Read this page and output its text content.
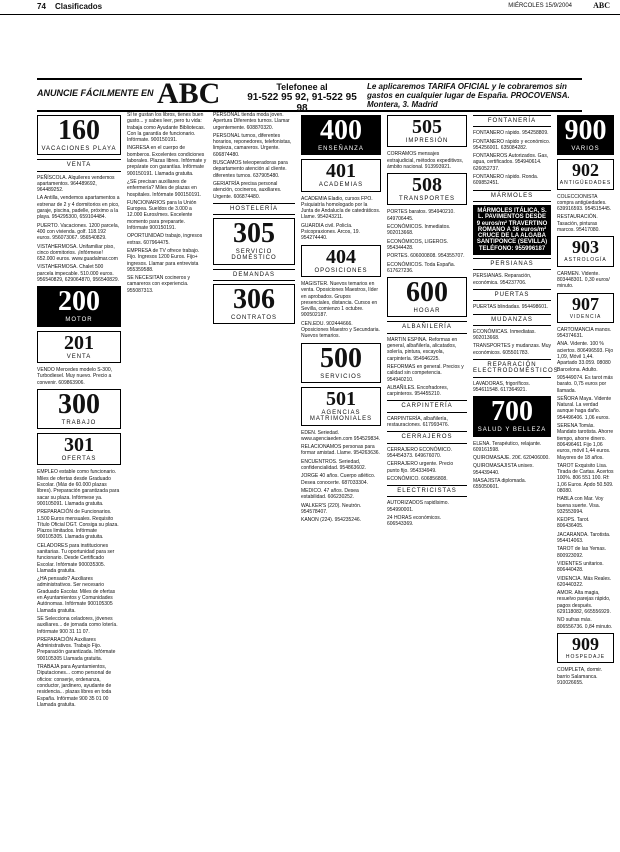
74 Clasificados	MIÉRCOLES 15/9/2004	ABC
ANUNCIE FÁCILMENTE EN ABC	Telefonee al
91-522 95 92, 91-522 95 98
Le aplicaremos TARIFA OFICIAL y le cobraremos sin gastos en cualquier lugar de España. PROCOVENSA. Montera, 3. Madrid
160
VACACIONES PLAYA
VENTA

PEÑÍSCOLA. Alquileres vendemos apartamentos. 964489692, 964489252.

LA Antilla, vendemos apartamentos a estrenar de 2 y 4 dormitorios en pico, garaje, piscina, padelle, próximo a la playa. 954295300, 659104484.

PUERTO. Vacaciones. 1200 parcela, 400 con vivienda. golf. 118.192 euros. 956073067. 956540829.

VISTAHERMOSA. Unifamiliar piso, cinco dormitorios. ¡Infórmese! 652.000 euros. www.guadalmar.com

VISTAHERMOSA. Chalet 500 parcela impecable. 510.000 euros. 956540829, 629064870, 956540829.

200
MOTOR
201
VENTA

VENDO Mercedes modelo S-300, Turbodiesel. Muy nuevo. Precio a convenir. 609863906.

300
TRABAJO
301
OFERTAS

EMPLEO estable como funcionario. Miles de ofertas desde Graduado Escolar. (Más de 60.000 plazas libres). Preparación garantizada para sacar su plaza. Infórmese ya. 900105091. Llamada gratuita.

PREPARACIÓN de Funcionarios. 1.500 Euros mensuales. Requisito Título Oficial DGT. Consiga su plaza. Plazos limitados. Infórmate 900105305. Llamada gratuita.

CELADORES para instituciones sanitarias. Tu oportunidad para ser funcionario. Desde Certificado Escolar. Infórmate 900035305. Llamada gratuita.

¿HA pensado? Auxiliares administrativos. Ser necesario Graduado Escolar. Miles de ofertas en Ayuntamientos y Comunidades Autónomas. Infórmate 900105305 Llamada gratuita.

SE Selecciona celadores, jóvenes auxiliares... de jornada como lotería. Infórmate 900 31 11 07.

PREPARACIÓN Auxiliares Administrativos. Trabajo Fijo. Preparación garantizada. Infórmate 900105305 Llamada gratuita.

TRABAJA para Ayuntamientos, Diputaciones... como personal de oficios: conserje, ordenanza, conductor, jardinero, ayudante de residencia... plazas libres en toda España. Infórmate 900 35 01 00 Llamada gratuita.

SI te gustan los libros, tienes buen gusto... y sabes leer, pero tu vida: trabaja como Ayudante Bibliotecas. Con la garantía de funcionario. Infórmate. 900150191.

INGRESA en el cuerpo de bomberos. Excelentes condiciones laborales. Plazas libres. Infórmate y prepárate con garantías. Infórmate 900150191. Llamada gratuita.

¿SE precisan auxiliares de enfermería? Miles de plazas en hospitales. Infórmate 900150191.

FUNCIONARIOS para la Unión Europea. Sueldos de 3.000 a 12.000 Euros/mes. Excelente momento para prepararte. Infórmate 900150191.

OPORTUNIDAD trabajo, ingresos extras. 607964475.

EMPRESA de TV ofrece trabajo. Fijo. Ingresos 1200 Euros. Fijo+ ingresos. Llamar para entrevista 955359588.

SE NECESITAN cocineros y camareros con experiencia. 955087313.

PERSONAL tienda moda joven. Apertura Diferentes turnos. Llamar urgentemente. 608870320.

PERSONAL turnos, diferentes horarios, reponedores, telefonistas, limpieza, camareros. Urgente. 606874480.

BUSCAMOS teleoperadoras para departamento atención al cliente. diferentes turnos. 637905480.

GERIATRÍA precisa personal atención, cocineros, auxiliares. Urgente. 606874480.

HOSTELERÍA
305
SERVICIO DOMÉSTICO
DEMANDAS
306
CONTRATOS
400
ENSEÑANZA
401
ACADEMIAS

ACADEMIA Eladio, cursos FPO. Psiquiatría homologado por la Junta de Andalucía de catedráticos. Llame. 954243211.

GUARDIA civil. Policía. Psicopraxiones. Arcos, 19. 954274440.

404
OPOSICIONES

MAGISTER. Nuevos temarios en venta. Oposiciones Maestros, líder en aprobados. Grupos presenciales, distancia. Cursos en Sevilla, comienzo 1 octubre. 900502187.

CEN.EDU. 902444666. Oposiciones Maestro y Secundaria. Nuevos temarios.

500
SERVICIOS
501
AGENCIAS MATRIMONIALES

EDEN. Seriedad. www.agenciaeden.com 954529834.

RELACIONAMOS personas para formar amistad. Llame. 954263636.

ENCUENTROS. Seriedad, confidencialidad. 954863602.

JORGE 40 años. Cuerpo atlético. Desea conocerte. 687033304.

MEDICO. 47 años. Desea estabilidad. 606230252.

WALKER'S (220). Neutrón. 954578407.

KANON (224). 954235246.

505
IMPRESIÓN

CORRAMOS mensajes extrajudicial, métodos expeditivos, ámbito nacional. 913993921.

508
TRANSPORTES

PORTES baratos. 954940210. 649706445.

ECONÓMICOS. Inmediatos. 902013668.

ECONÓMICOS, LIGEROS. 954344428.

PORTES. 606000808. 954355707.

ECONÓMICOS. Toda España. 617627236.

600
HOGAR
ALBAÑILERÍA

MARTIN ESPINA. Reformas en general, albañilería, alicatados, solería, pintura, escayola, carpintería. 954946225.

REFORMAS en general. Precios y calidad sin competencia. 954940210.

ALBAÑILES. Encofradores, carpinteros. 954455210.

CARPINTERÍA

CARPINTERÍA, albañilería, restauraciones. 617993476.

CERRAJEROS

CERRAJERO ECONÓMICO. 954454373. 649676070.

CERRAJERO urgente. Precio punto fijo. 954334949.

ECONÓMICO. 606856808.

ELECTRICISTAS

AUTORIZADOS rapidísimo. 954990001.

24 HORAS económicos. 606543369.

FONTANERÍA

FONTANERO rápido. 954258809.

FONTANERO rápido y económico. 954256001. 635084282.

FONTANEROS Autorizados. Gas, agua, certificados. 954940614. 626052737.

FONTANERO rápido. Ronda. 609852451.

MÁRMOLES
MÁRMOLES ITÁLICA, S. L. PAVIMENTOS DESDE 9 euros/m² TRAVERTINO ROMANO A 36 euros/m² CRUCE DE LA ALGABA SANTIPONCE (SEVILLA) TELÉFONO: 955996187
PERSIANAS

PERSIANAS. Reparación, económica. 954237706.

PUERTAS

PUERTAS blindadas. 954498601.

MUDANZAS

ECONÓMICAS. Inmediatas. 902013668.

TRANSPORTES y mudanzas. Muy económicos. 605501783.

REPARACIÓN ELECTRODOMÉSTICOS

LAVADORAS, frigoríficos. 954611548. 617364921.

700
SALUD Y BELLEZA

ELENA. Terapéutico, relajante. 609161598.

QUIROMASAJE. 20€. 620406000.

QUIROMASAJISTA unisex. 954439440.

MASAJISTA diplomada. 655050601.

900
VARIOS
902
ANTIGÜEDADES

COLECCIONISTA compra antigüedades. 639916593. 954515445.

RESTAURACIÓN. Tasación, pinturas marcos. 95417080.

903
ASTROLOGÍA

CARMEN. Vidente. 803448301. 0,30 euros/ minuto.

907
VIDENCIA

CARTOMANCIA manos. 954374631.

ANA. Vidente. 100 % aciertos. 806496593. Fijo 1,09, Móvil 1,44. Apartado 33.059. 08080 Barcelona. Adulto.

905449074. Es tarot más barato. 0,75 euros por llamada.

SEÑORA Maya. Vidente Natural. La verdad aunque haga daño. 954496406. 1,06 euros.

SERENA Tomás. Mandato tarotista. Ahorre tiempo, ahorre dinero. 806496461 Fijo 1,06 euros, móvil 1,44 euros. Mayores de 18 años.

TAROT Exquisito Lisa. Tirada de Cartas. Acertos 100%. 806 551 100. Rf: 1,06 Euros. Apdo 50.509. 08080.

HABLA con Mar. Voy buena suerte. Visa. 932553994.

KEOPS. Tarot. 806436405.

JACARANDA. Tarotista. 954414063.

TAROT de las Yemas. 800923092.

VIDENTES unitarios. 806440428.

VIDENCIA. Más Reales. 620440322.

AMOR. Alta magia, resuelvo parejas rápido, pagos después. 629118082, 665556929.

NO sufras más. 806556736. 0,84 minuto.

909
HOSPEDAJE

COMPLETA, dormir. barrio Salamanca. 910026655.
